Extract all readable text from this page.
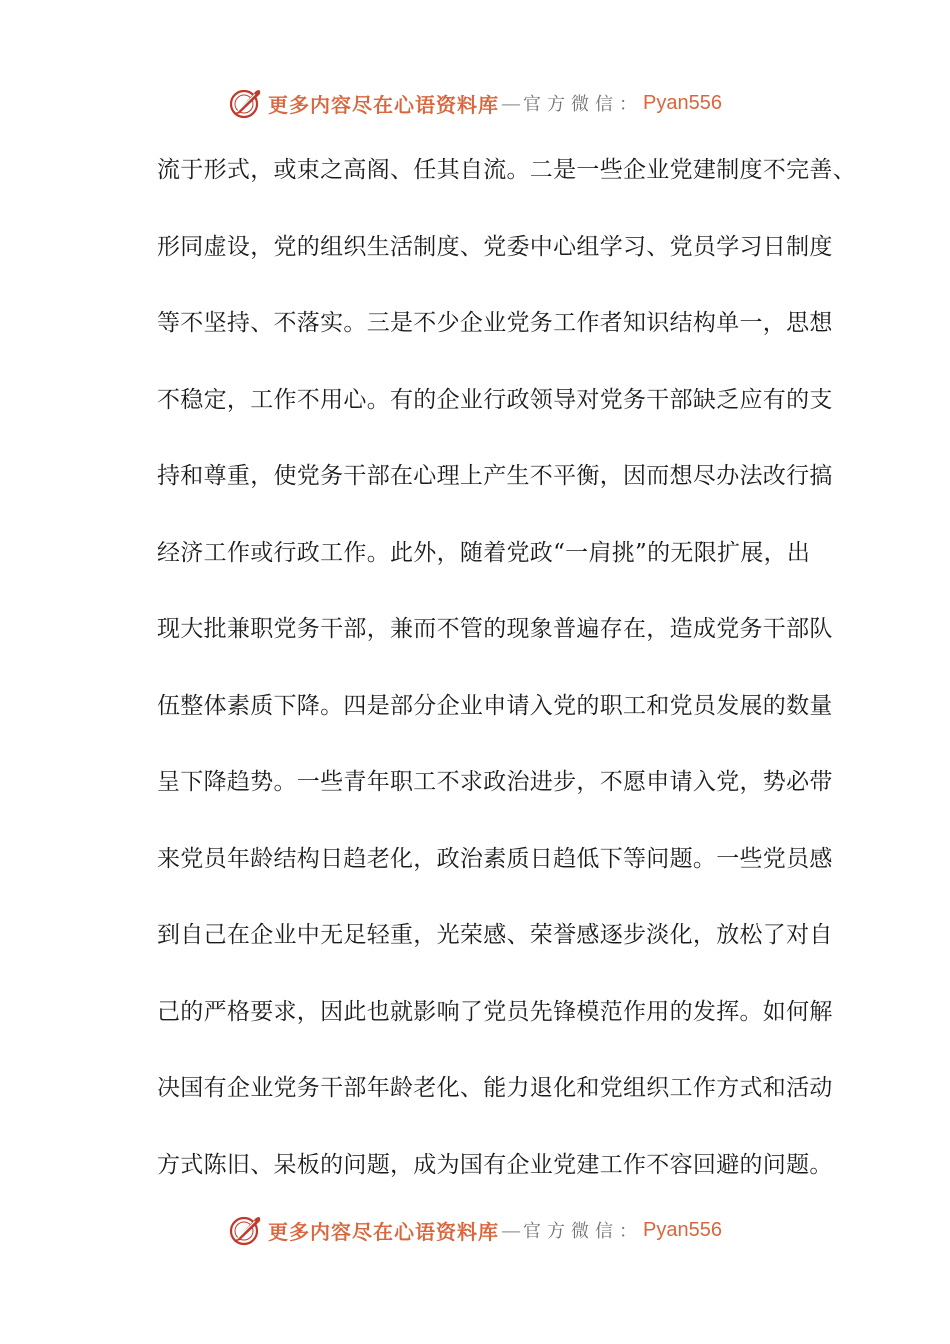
更多内容尽在心语资料库 — 官方微信： Pyan556
流于形式，或束之高阁、任其自流。二是一些企业党建制度不完善、
形同虚设，党的组织生活制度、党委中心组学习、党员学习日制度
等不坚持、不落实。三是不少企业党务工作者知识结构单一，思想
不稳定，工作不用心。有的企业行政领导对党务干部缺乏应有的支
持和尊重，使党务干部在心理上产生不平衡，因而想尽办法改行搞
经济工作或行政工作。此外，随着党政“一肩挑”的无限扩展，出
现大批兼职党务干部，兼而不管的现象普遍存在，造成党务干部队
伍整体素质下降。四是部分企业申请入党的职工和党员发展的数量
呈下降趋势。一些青年职工不求政治进步，不愿申请入党，势必带
来党员年龄结构日趋老化，政治素质日趋低下等问题。一些党员感
到自己在企业中无足轻重，光荣感、荣誉感逐步淡化，放松了对自
己的严格要求，因此也就影响了党员先锋模范作用的发挥。如何解
决国有企业党务干部年龄老化、能力退化和党组织工作方式和活动
方式陈旧、呆板的问题，成为国有企业党建工作不容回避的问题。
更多内容尽在心语资料库 — 官方微信： Pyan556
